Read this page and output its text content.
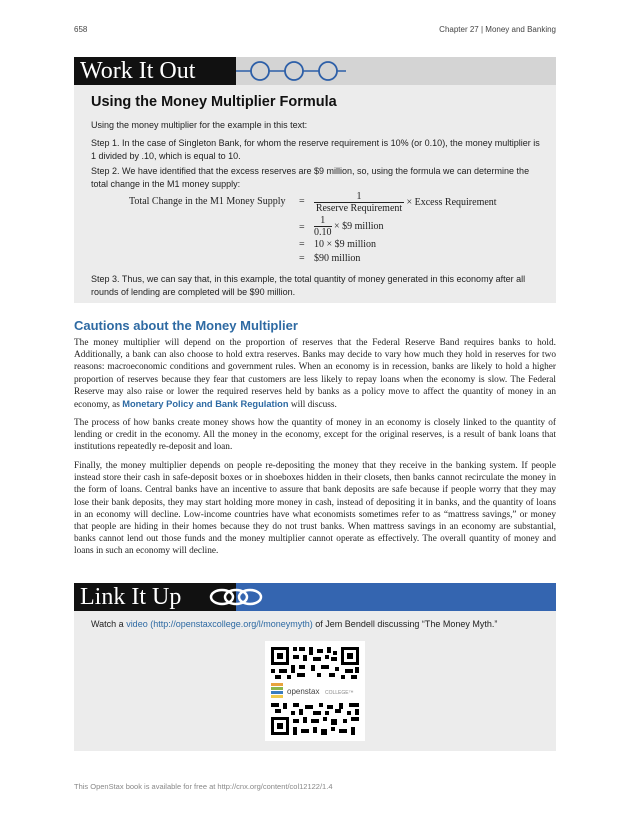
658	Chapter 27 | Money and Banking
Work It Out
Using the Money Multiplier Formula
Using the money multiplier for the example in this text:
Step 1. In the case of Singleton Bank, for whom the reserve requirement is 10% (or 0.10), the money multiplier is 1 divided by .10, which is equal to 10.
Step 2. We have identified that the excess reserves are $9 million, so, using the formula we can determine the total change in the M1 money supply:
Total Change in the M1 Money Supply = $\frac{1}{\text{Reserve Requirement}}$ × Excess Requirement
= $\frac{1}{0.10}$ × $9 million
= 10 × $9 million
= $90 million
Step 3. Thus, we can say that, in this example, the total quantity of money generated in this economy after all rounds of lending are completed will be $90 million.
Cautions about the Money Multiplier
The money multiplier will depend on the proportion of reserves that the Federal Reserve Band requires banks to hold. Additionally, a bank can also choose to hold extra reserves. Banks may decide to vary how much they hold in reserves for two reasons: macroeconomic conditions and government rules. When an economy is in recession, banks are likely to hold a higher proportion of reserves because they fear that customers are less likely to repay loans when the economy is slow. The Federal Reserve may also raise or lower the required reserves held by banks as a policy move to affect the quantity of money in an economy, as Monetary Policy and Bank Regulation will discuss.
The process of how banks create money shows how the quantity of money in an economy is closely linked to the quantity of lending or credit in the economy. All the money in the economy, except for the original reserves, is a result of bank loans that institutions repeatedly re-deposit and loan.
Finally, the money multiplier depends on people re-depositing the money that they receive in the banking system. If people instead store their cash in safe-deposit boxes or in shoeboxes hidden in their closets, then banks cannot recirculate the money in the form of loans. Central banks have an incentive to assure that bank deposits are safe because if people worry that they may lose their bank deposits, they may start holding more money in cash, instead of depositing it in banks, and the quantity of loans in an economy will decline. Low-income countries have what economists sometimes refer to as “mattress savings,” or money that people are hiding in their homes because they do not trust banks. When mattress savings in an economy are substantial, banks cannot lend out those funds and the money multiplier cannot operate as effectively. The overall quantity of money and loans in such an economy will decline.
Link It Up
Watch a video (http://openstaxcollege.org/l/moneymyth) of Jem Bendell discussing “The Money Myth.”
openstax COLLEGE™
This OpenStax book is available for free at http://cnx.org/content/col12122/1.4
